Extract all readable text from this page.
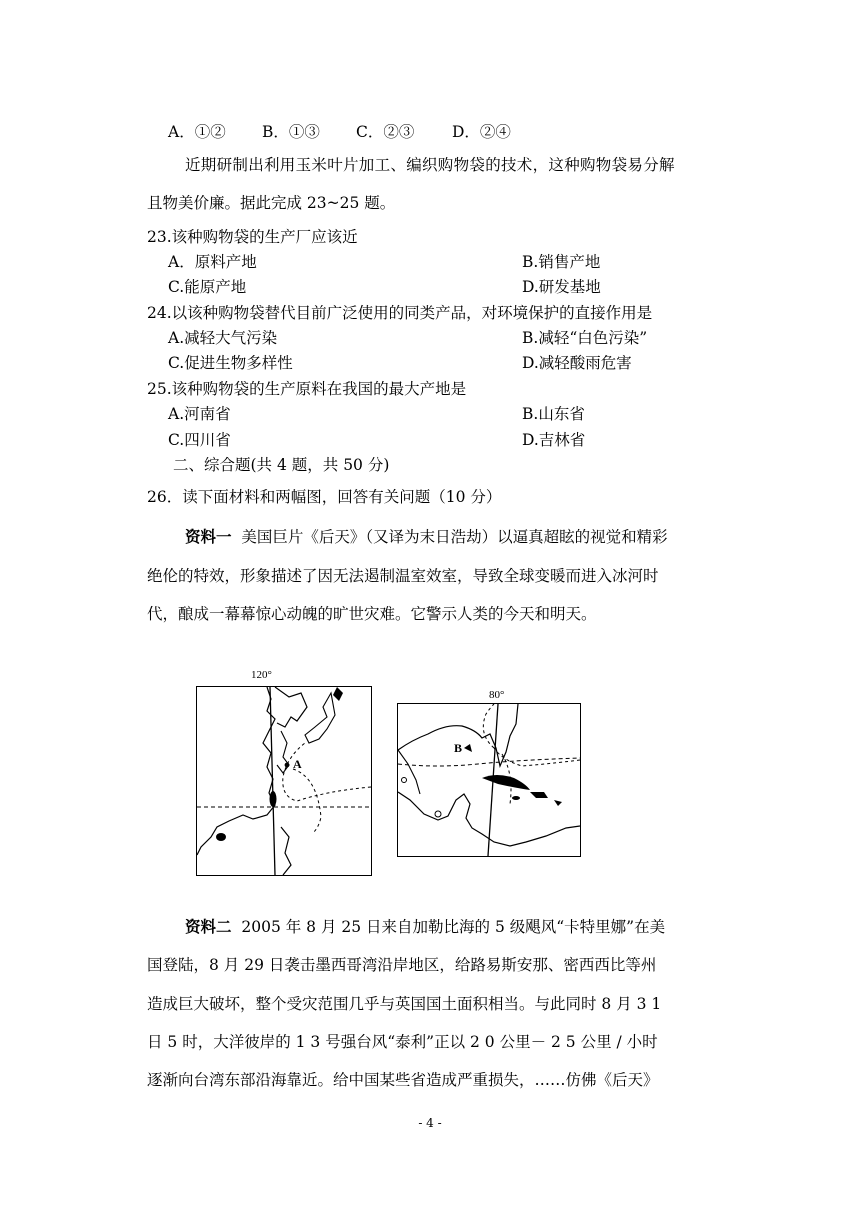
A．①② B．①③ C．②③ D．②④
近期研制出利用玉米叶片加工、编织购物袋的技术，这种购物袋易分解
且物美价廉。据此完成 23~25 题。
23.该种购物袋的生产厂应该近
A．原料产地	B.销售产地
C.能原产地	D.研发基地
24.以该种购物袋替代目前广泛使用的同类产品，对环境保护的直接作用是
A.减轻大气污染	B.减轻“白色污染”
C.促进生物多样性	D.减轻酸雨危害
25.该种购物袋的生产原料在我国的最大产地是
A.河南省	B.山东省
C.四川省	D.吉林省
二、综合题(共 4 题，共 50 分)
26．读下面材料和两幅图，回答有关问题（10 分）
资料一 美国巨片《后天》（又译为末日浩劫）以逼真超眩的视觉和精彩
绝伦的特效，形象描述了因无法遏制温室效室，导致全球变暖而进入冰河时
代，酿成一幕幕惊心动魄的旷世灾难。它警示人类的今天和明天。
120°
A
80°
B
资料二 2005 年 8 月 25 日来自加勒比海的 5 级飓风“卡特里娜”在美
国登陆，8 月 29 日袭击墨西哥湾沿岸地区，给路易斯安那、密西西比等州
造成巨大破坏，整个受灾范围几乎与英国国土面积相当。与此同时 8 月 3 1
日 5 时，大洋彼岸的 1 3 号强台风“泰利”正以 2 0 公里－ 2 5 公里 / 小时
逐渐向台湾东部沿海靠近。给中国某些省造成严重损失，……仿佛《后天》
- 4 -
